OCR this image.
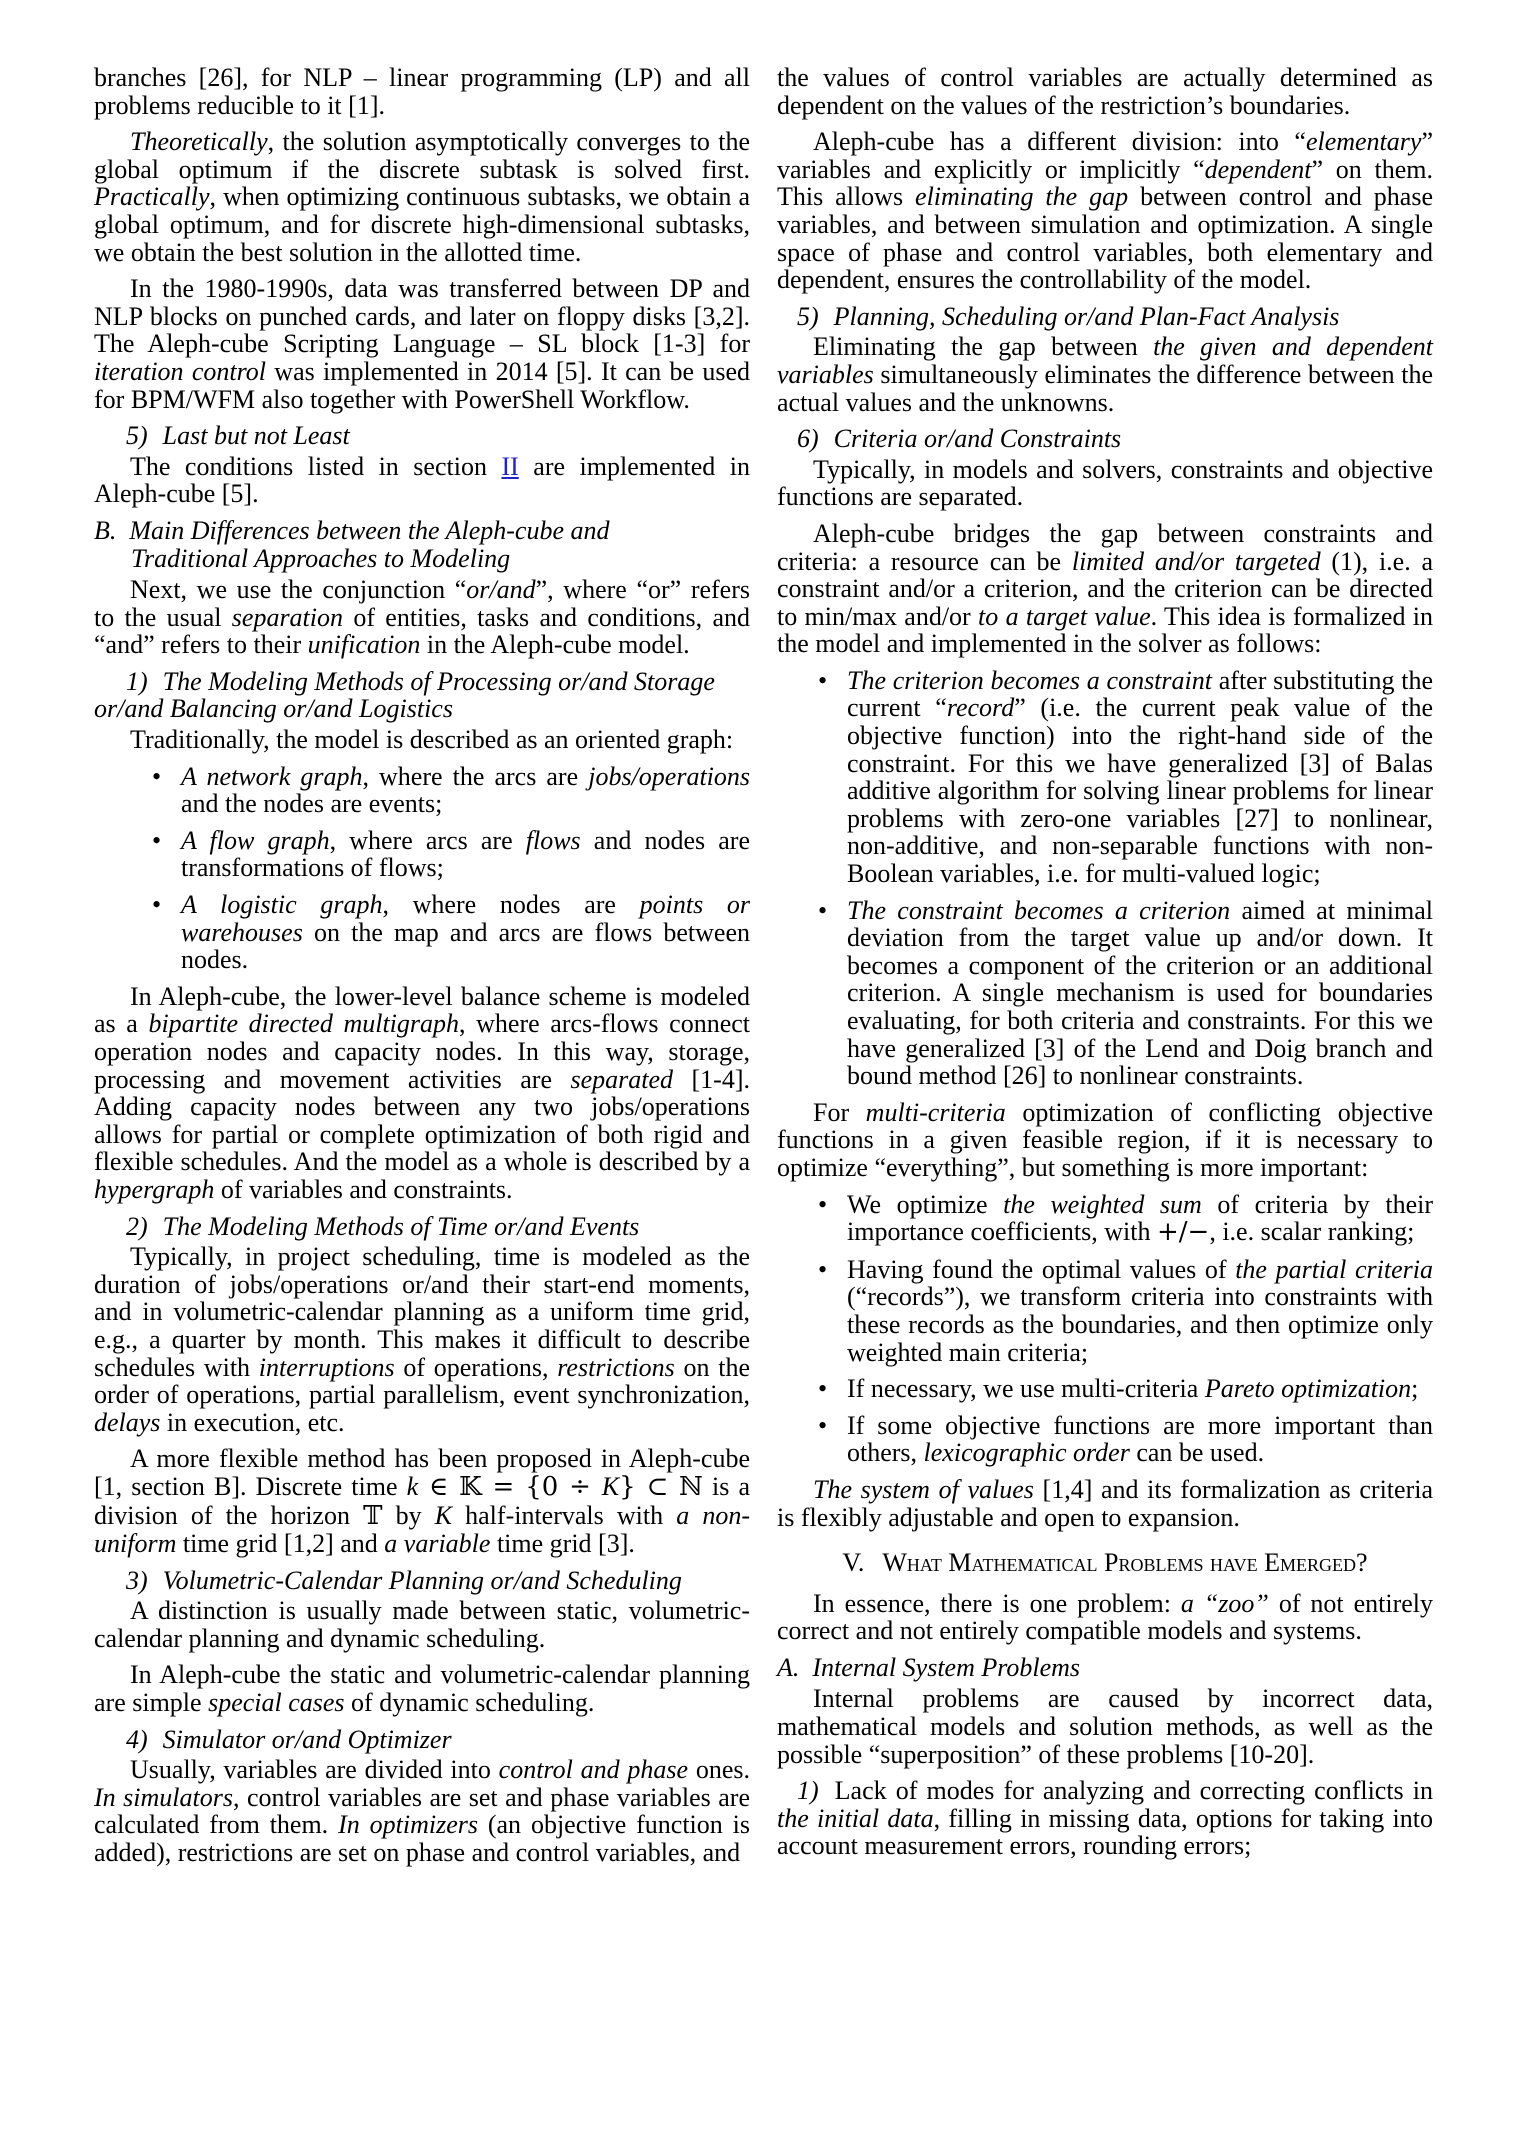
branches [26], for NLP – linear programming (LP) and all problems reducible to it [1].

Theoretically, the solution asymptotically converges to the global optimum if the discrete subtask is solved first. Practically, when optimizing continuous subtasks, we obtain a global optimum, and for discrete high-dimensional subtasks, we obtain the best solution in the allotted time.

In the 1980-1990s, data was transferred between DP and NLP blocks on punched cards, and later on floppy disks [3,2]. The Aleph-cube Scripting Language – SL block [1-3] for iteration control was implemented in 2014 [5]. It can be used for BPM/WFM also together with PowerShell Workflow.

5) Last but not Least

The conditions listed in section II are implemented in Aleph-cube [5].

B. Main Differences between the Aleph-cube and
Traditional Approaches to Modeling

Next, we use the conjunction “or/and”, where “or” refers to the usual separation of entities, tasks and conditions, and “and” refers to their unification in the Aleph-cube model.

1) The Modeling Methods of Processing or/and Storage or/and Balancing or/and Logistics

Traditionally, the model is described as an oriented graph:

• A network graph, where the arcs are jobs/operations and the nodes are events;
• A flow graph, where arcs are flows and nodes are transformations of flows;
• A logistic graph, where nodes are points or warehouses on the map and arcs are flows between nodes.

In Aleph-cube, the lower-level balance scheme is modeled as a bipartite directed multigraph, where arcs-flows connect operation nodes and capacity nodes. In this way, storage, processing and movement activities are separated [1-4]. Adding capacity nodes between any two jobs/operations allows for partial or complete optimization of both rigid and flexible schedules. And the model as a whole is described by a hypergraph of variables and constraints.

2) The Modeling Methods of Time or/and Events

Typically, in project scheduling, time is modeled as the duration of jobs/operations or/and their start-end moments, and in volumetric-calendar planning as a uniform time grid, e.g., a quarter by month. This makes it difficult to describe schedules with interruptions of operations, restrictions on the order of operations, partial parallelism, event synchronization, delays in execution, etc.

A more flexible method has been proposed in Aleph-cube [1, section B]. Discrete time k ∈ 𝕂 = {0 ÷ K} ⊂ ℕ is a division of the horizon 𝕋 by K half-intervals with a non-uniform time grid [1,2] and a variable time grid [3].

3) Volumetric-Calendar Planning or/and Scheduling

A distinction is usually made between static, volumetric-calendar planning and dynamic scheduling.

In Aleph-cube the static and volumetric-calendar planning are simple special cases of dynamic scheduling.

4) Simulator or/and Optimizer

Usually, variables are divided into control and phase ones. In simulators, control variables are set and phase variables are calculated from them. In optimizers (an objective function is added), restrictions are set on phase and control variables, and

the values of control variables are actually determined as dependent on the values of the restriction’s boundaries.

Aleph-cube has a different division: into “elementary” variables and explicitly or implicitly “dependent” on them. This allows eliminating the gap between control and phase variables, and between simulation and optimization. A single space of phase and control variables, both elementary and dependent, ensures the controllability of the model.

5) Planning, Scheduling or/and Plan-Fact Analysis

Eliminating the gap between the given and dependent variables simultaneously eliminates the difference between the actual values and the unknowns.

6) Criteria or/and Constraints

Typically, in models and solvers, constraints and objective functions are separated.

Aleph-cube bridges the gap between constraints and criteria: a resource can be limited and/or targeted (1), i.e. a constraint and/or a criterion, and the criterion can be directed to min/max and/or to a target value. This idea is formalized in the model and implemented in the solver as follows:

• The criterion becomes a constraint after substituting the current “record” (i.e. the current peak value of the objective function) into the right-hand side of the constraint. For this we have generalized [3] of Balas additive algorithm for solving linear problems for linear problems with zero-one variables [27] to nonlinear, non-additive, and non-separable functions with non-Boolean variables, i.e. for multi-valued logic;
• The constraint becomes a criterion aimed at minimal deviation from the target value up and/or down. It becomes a component of the criterion or an additional criterion. A single mechanism is used for boundaries evaluating, for both criteria and constraints. For this we have generalized [3] of the Lend and Doig branch and bound method [26] to nonlinear constraints.

For multi-criteria optimization of conflicting objective functions in a given feasible region, if it is necessary to optimize “everything”, but something is more important:

• We optimize the weighted sum of criteria by their importance coefficients, with +/−, i.e. scalar ranking;
• Having found the optimal values of the partial criteria (“records”), we transform criteria into constraints with these records as the boundaries, and then optimize only weighted main criteria;
• If necessary, we use multi-criteria Pareto optimization;
• If some objective functions are more important than others, lexicographic order can be used.

The system of values [1,4] and its formalization as criteria is flexibly adjustable and open to expansion.

V. What Mathematical Problems have Emerged?

In essence, there is one problem: a “zoo” of not entirely correct and not entirely compatible models and systems.

A. Internal System Problems

Internal problems are caused by incorrect data, mathematical models and solution methods, as well as the possible “superposition” of these problems [10-20].

1) Lack of modes for analyzing and correcting conflicts in the initial data, filling in missing data, options for taking into account measurement errors, rounding errors;
